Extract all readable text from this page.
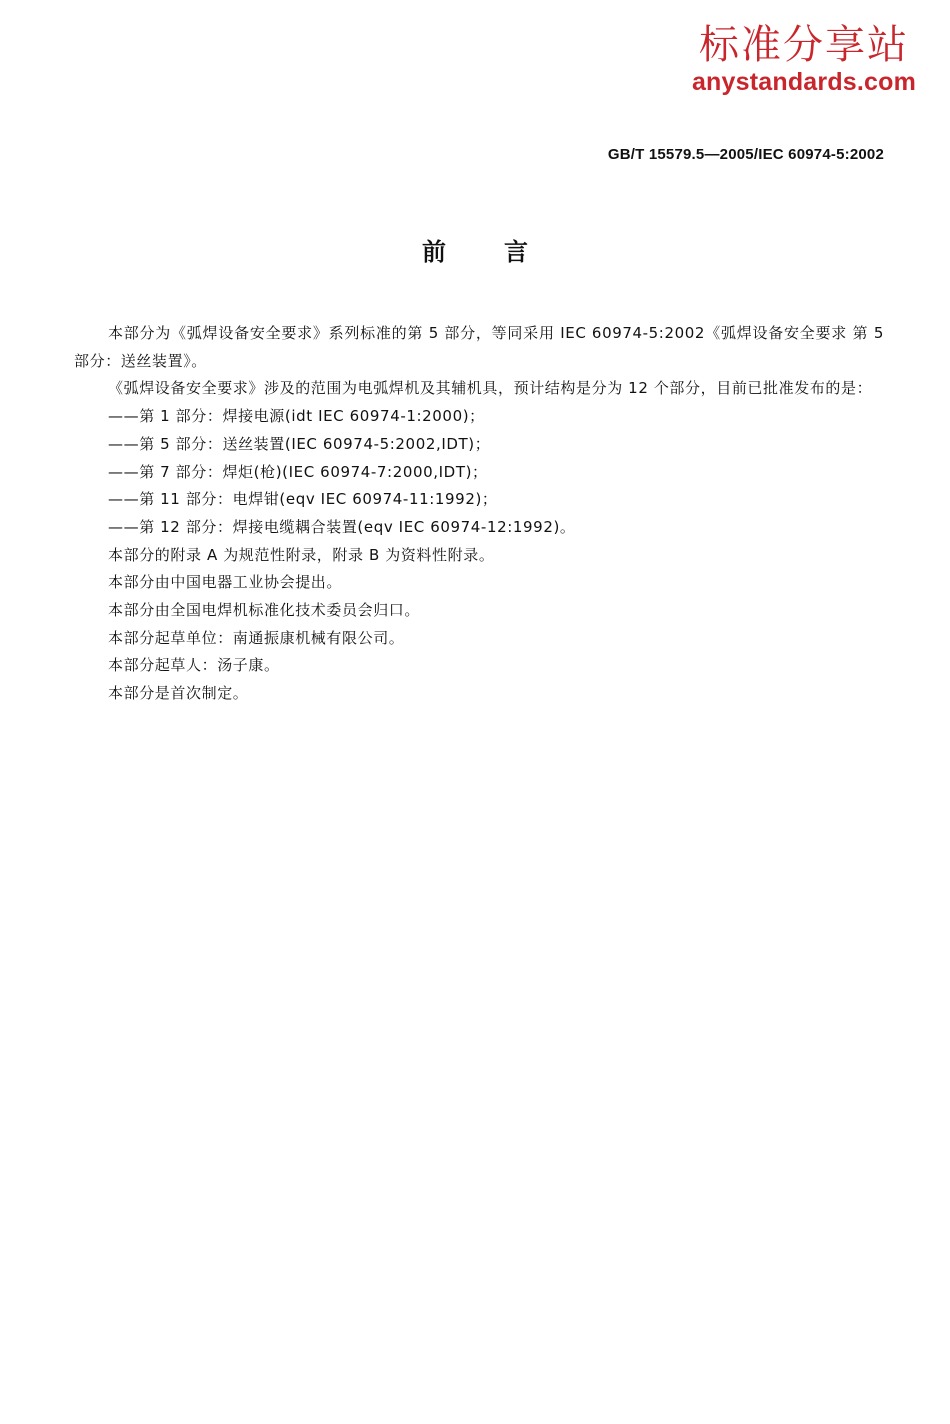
标准分享站
anystandards.com
GB/T 15579.5—2005/IEC 60974-5:2002
前言

本部分为《弧焊设备安全要求》系列标准的第 5 部分，等同采用 IEC 60974-5:2002《弧焊设备安全要求 第 5 部分：送丝装置》。

《弧焊设备安全要求》涉及的范围为电弧焊机及其辅机具，预计结构是分为 12 个部分，目前已批准发布的是：

——第 1 部分：焊接电源(idt IEC 60974-1:2000)；

——第 5 部分：送丝装置(IEC 60974-5:2002,IDT)；

——第 7 部分：焊炬(枪)(IEC 60974-7:2000,IDT)；

——第 11 部分：电焊钳(eqv IEC 60974-11:1992)；

——第 12 部分：焊接电缆耦合装置(eqv IEC 60974-12:1992)。

本部分的附录 A 为规范性附录，附录 B 为资料性附录。

本部分由中国电器工业协会提出。

本部分由全国电焊机标准化技术委员会归口。

本部分起草单位：南通振康机械有限公司。

本部分起草人：汤子康。

本部分是首次制定。
